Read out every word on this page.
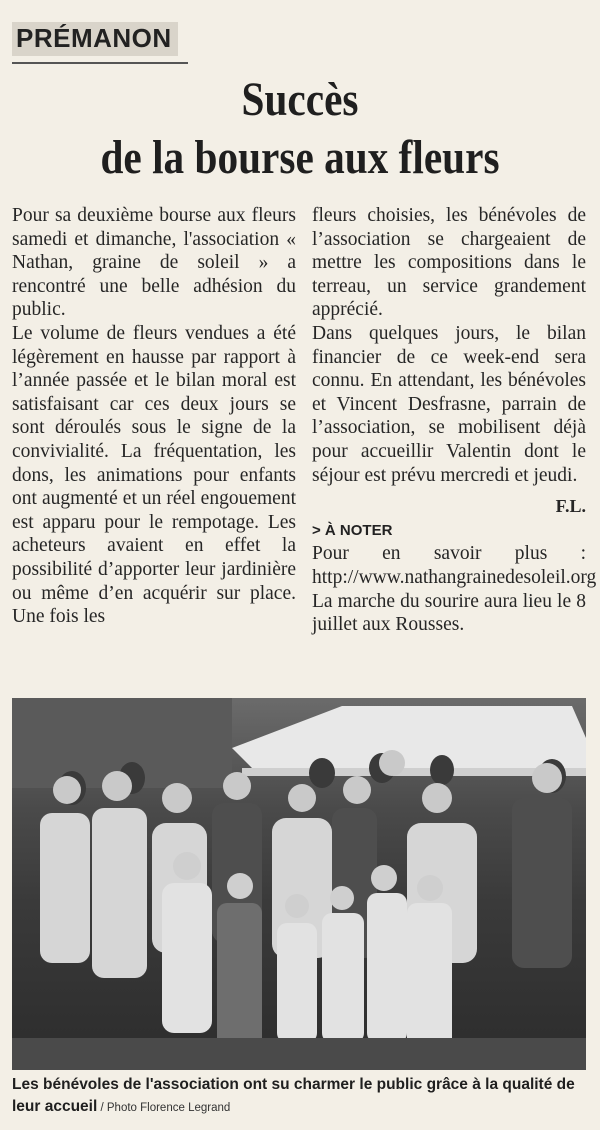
PRÉMANON
Succès
de la bourse aux fleurs

Pour sa deuxième bourse aux fleurs samedi et dimanche, l'association « Nathan, graine de soleil » a rencontré une belle adhésion du public.

Le volume de fleurs vendues a été légèrement en hausse par rapport à l’année passée et le bilan moral est satisfaisant car ces deux jours se sont déroulés sous le signe de la convivialité. La fréquentation, les dons, les animations pour enfants ont augmenté et un réel engouement est apparu pour le rempotage. Les acheteurs avaient en effet la possibilité d’apporter leur jardinière ou même d’en acquérir sur place. Une fois les

fleurs choisies, les bénévoles de l’association se chargeaient de mettre les compositions dans le terreau, un service grandement apprécié.

Dans quelques jours, le bilan financier de ce week-end sera connu. En attendant, les bénévoles et Vincent Desfrasne, parrain de l’association, se mobilisent déjà pour accueillir Valentin dont le séjour est prévu mercredi et jeudi.

F.L.
> À NOTER
Pour en savoir plus : http://www.nathangrainedesoleil.org
La marche du sourire aura lieu le 8 juillet aux Rousses.
Les bénévoles de l'association ont su charmer le public grâce à la qualité de leur accueil / Photo Florence Legrand
